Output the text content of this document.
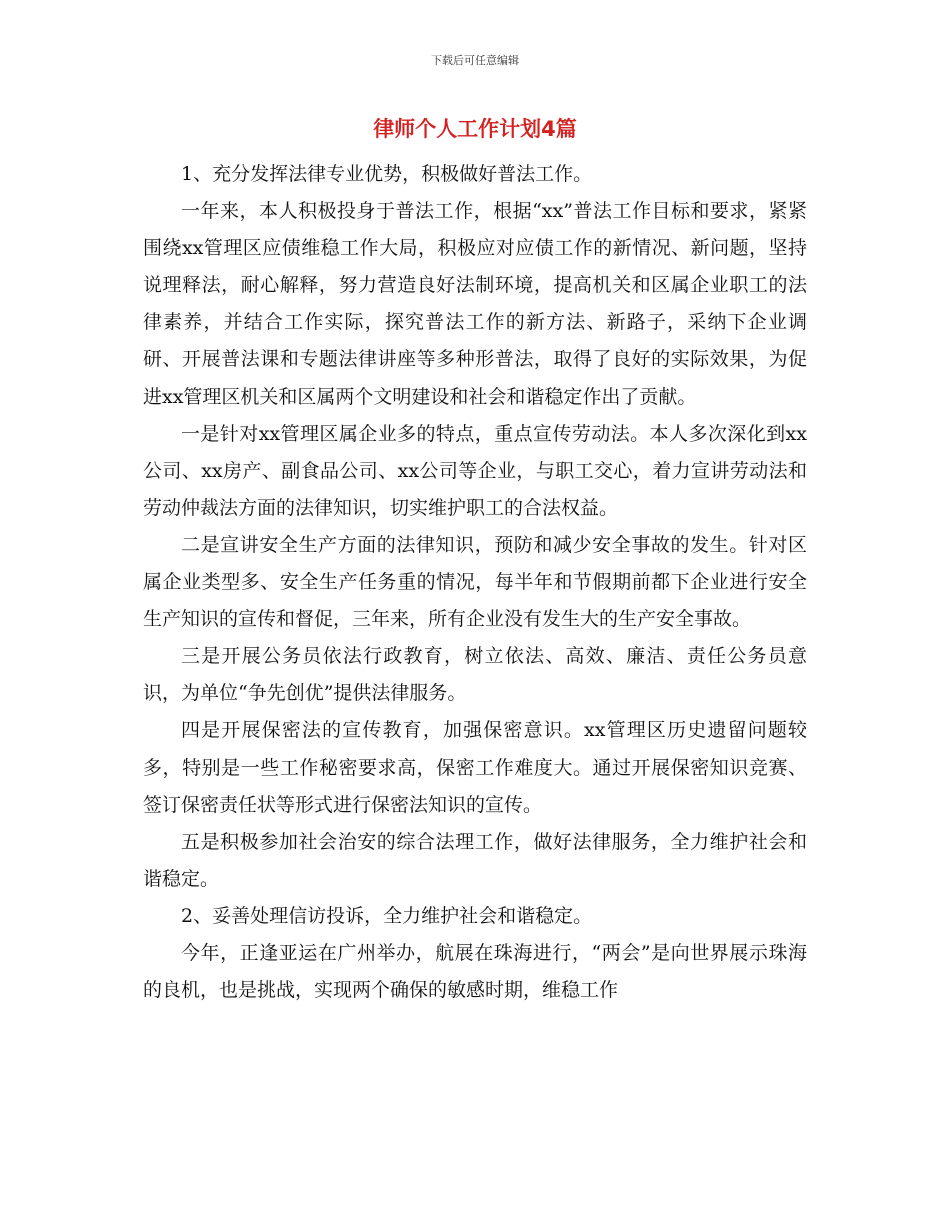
下载后可任意编辑
律师个人工作计划4篇

1、充分发挥法律专业优势，积极做好普法工作。

一年来，本人积极投身于普法工作，根据“xx”普法工作目标和要求，紧紧围绕xx管理区应债维稳工作大局，积极应对应债工作的新情况、新问题，坚持说理释法，耐心解释，努力营造良好法制环境，提高机关和区属企业职工的法律素养，并结合工作实际，探究普法工作的新方法、新路子，采纳下企业调研、开展普法课和专题法律讲座等多种形普法，取得了良好的实际效果，为促进xx管理区机关和区属两个文明建设和社会和谐稳定作出了贡献。

一是针对xx管理区属企业多的特点，重点宣传劳动法。本人多次深化到xx公司、xx房产、副食品公司、xx公司等企业，与职工交心，着力宣讲劳动法和劳动仲裁法方面的法律知识，切实维护职工的合法权益。

二是宣讲安全生产方面的法律知识，预防和减少安全事故的发生。针对区属企业类型多、安全生产任务重的情况，每半年和节假期前都下企业进行安全生产知识的宣传和督促，三年来，所有企业没有发生大的生产安全事故。

三是开展公务员依法行政教育，树立依法、高效、廉洁、责任公务员意识，为单位“争先创优”提供法律服务。

四是开展保密法的宣传教育，加强保密意识。xx管理区历史遗留问题较多，特别是一些工作秘密要求高，保密工作难度大。通过开展保密知识竞赛、签订保密责任状等形式进行保密法知识的宣传。

五是积极参加社会治安的综合法理工作，做好法律服务，全力维护社会和谐稳定。

2、妥善处理信访投诉，全力维护社会和谐稳定。

今年，正逢亚运在广州举办，航展在珠海进行，“两会”是向世界展示珠海的良机，也是挑战，实现两个确保的敏感时期，维稳工作
